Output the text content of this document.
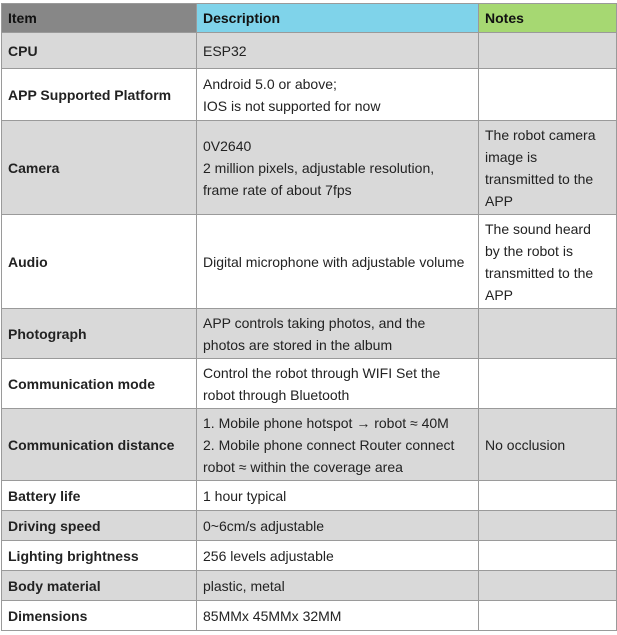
Item	Description	Notes
CPU	ESP32	

APP Supported Platform	Android 5.0 or above;
IOS is not supported for now	

Camera	0V2640
2 million pixels, adjustable resolution,
frame rate of about 7fps	The robot camera
image is
transmitted to the
APP

Audio	Digital microphone with adjustable volume	The sound heard
by the robot is
transmitted to the
APP

Photograph	APP controls taking photos, and the
photos are stored in the album	

Communication mode	Control the robot through WIFI Set the
robot through Bluetooth	

Communication distance	1. Mobile phone hotspot → robot ≈ 40M
2. Mobile phone connect Router connect
robot ≈ within the coverage area	No occlusion

Battery life	1 hour typical	

Driving speed	0~6cm/s adjustable	

Lighting brightness	256 levels adjustable	

Body material	plastic, metal	

Dimensions	85MMx 45MMx 32MM	
